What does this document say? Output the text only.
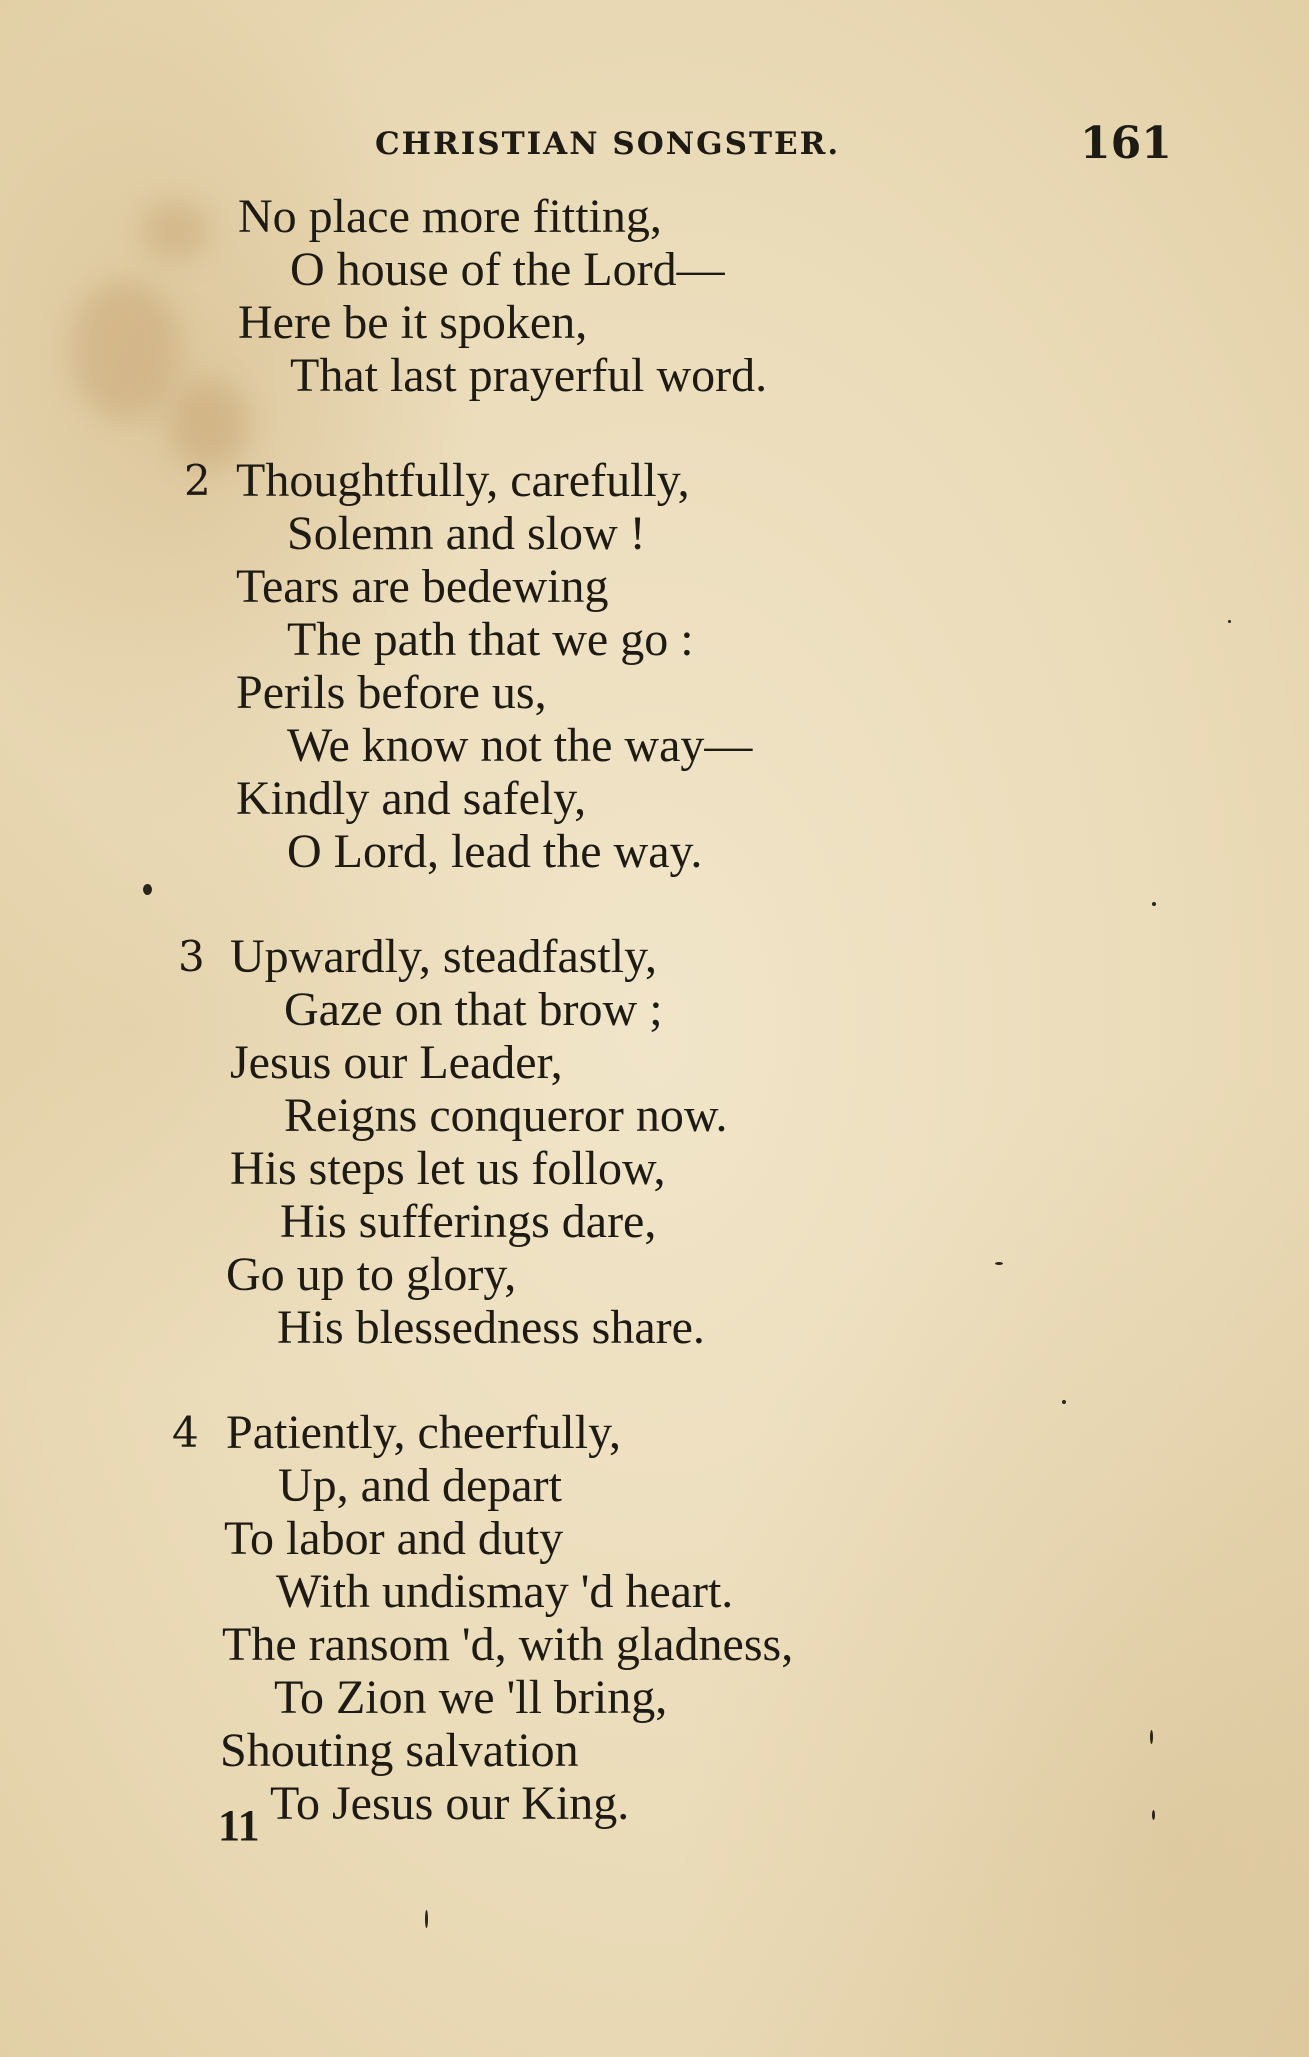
CHRISTIAN SONGSTER.	161
No place more fitting,
O house of the Lord—
Here be it spoken,
That last prayerful word.
2 Thoughtfully, carefully,
Solemn and slow !
Tears are bedewing
The path that we go :
Perils before us,
We know not the way—
Kindly and safely,
O Lord, lead the way.
3 Upwardly, steadfastly,
Gaze on that brow ;
Jesus our Leader,
Reigns conqueror now.
His steps let us follow,
His sufferings dare,
Go up to glory,
His blessedness share.
4 Patiently, cheerfully,
Up, and depart
To labor and duty
With undismay 'd heart.
The ransom 'd, with gladness,
To Zion we 'll bring,
Shouting salvation
To Jesus our King.
11
